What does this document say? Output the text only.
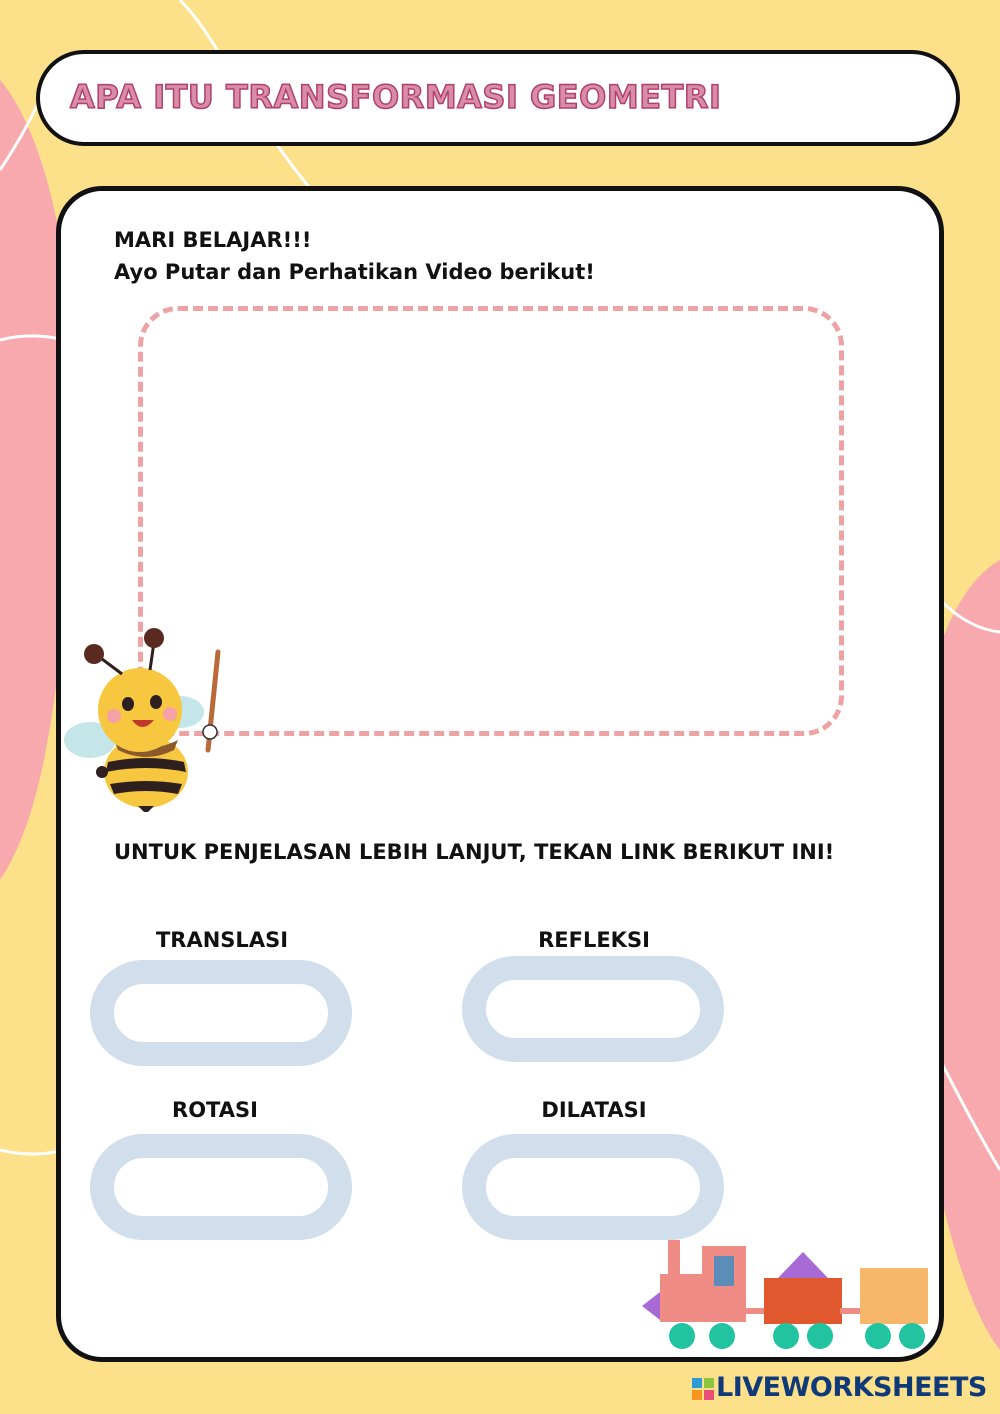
APA ITU TRANSFORMASI GEOMETRI
MARI BELAJAR!!!
Ayo Putar dan Perhatikan Video berikut!
UNTUK PENJELASAN LEBIH LANJUT, TEKAN LINK BERIKUT INI!
TRANSLASI	REFLEKSI
ROTASI	DILATASI
LIVEWORKSHEETS
